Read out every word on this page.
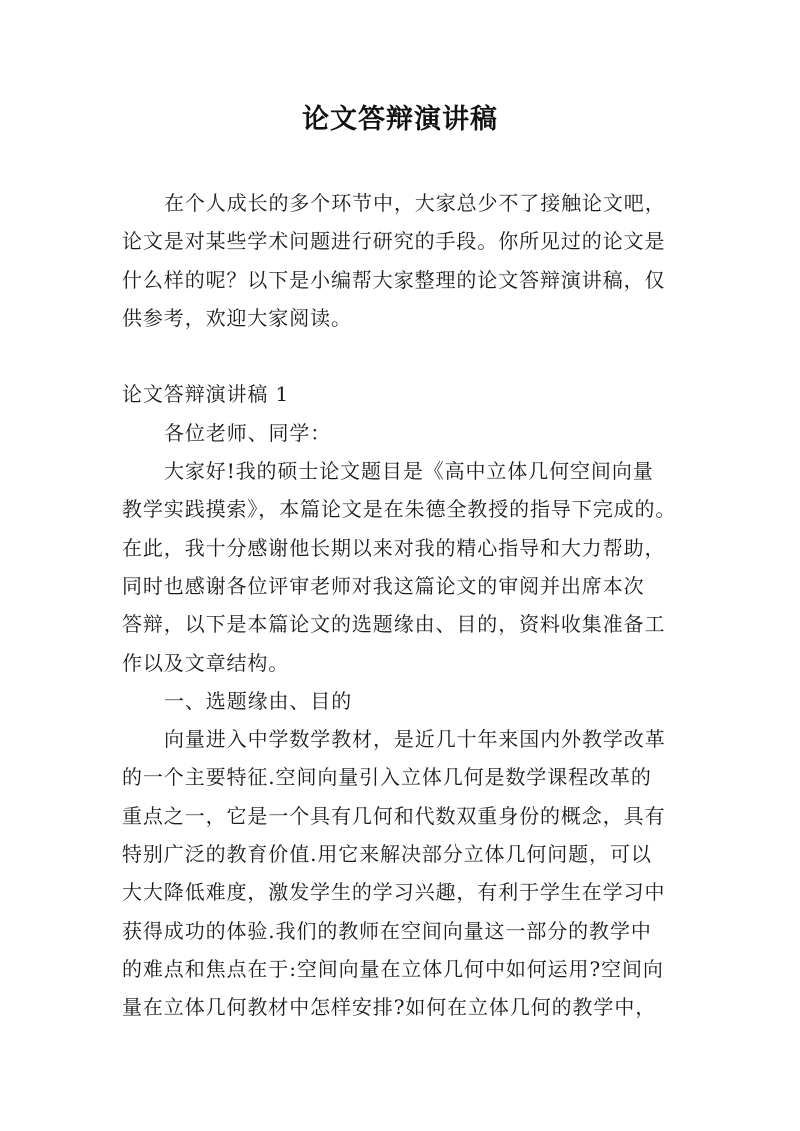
论文答辩演讲稿
在个人成长的多个环节中，大家总少不了接触论文吧，
论文是对某些学术问题进行研究的手段。你所见过的论文是
什么样的呢？以下是小编帮大家整理的论文答辩演讲稿，仅
供参考，欢迎大家阅读。
论文答辩演讲稿 1
各位老师、同学：
大家好!我的硕士论文题目是《高中立体几何空间向量
教学实践摸索》，本篇论文是在朱德全教授的指导下完成的。
在此，我十分感谢他长期以来对我的精心指导和大力帮助，
同时也感谢各位评审老师对我这篇论文的审阅并出席本次
答辩，以下是本篇论文的选题缘由、目的，资料收集准备工
作以及文章结构。
一、选题缘由、目的
向量进入中学数学教材，是近几十年来国内外教学改革
的一个主要特征.空间向量引入立体几何是数学课程改革的
重点之一，它是一个具有几何和代数双重身份的概念，具有
特别广泛的教育价值.用它来解决部分立体几何问题，可以
大大降低难度，激发学生的学习兴趣，有利于学生在学习中
获得成功的体验.我们的教师在空间向量这一部分的教学中
的难点和焦点在于:空间向量在立体几何中如何运用?空间向
量在立体几何教材中怎样安排?如何在立体几何的教学中，
